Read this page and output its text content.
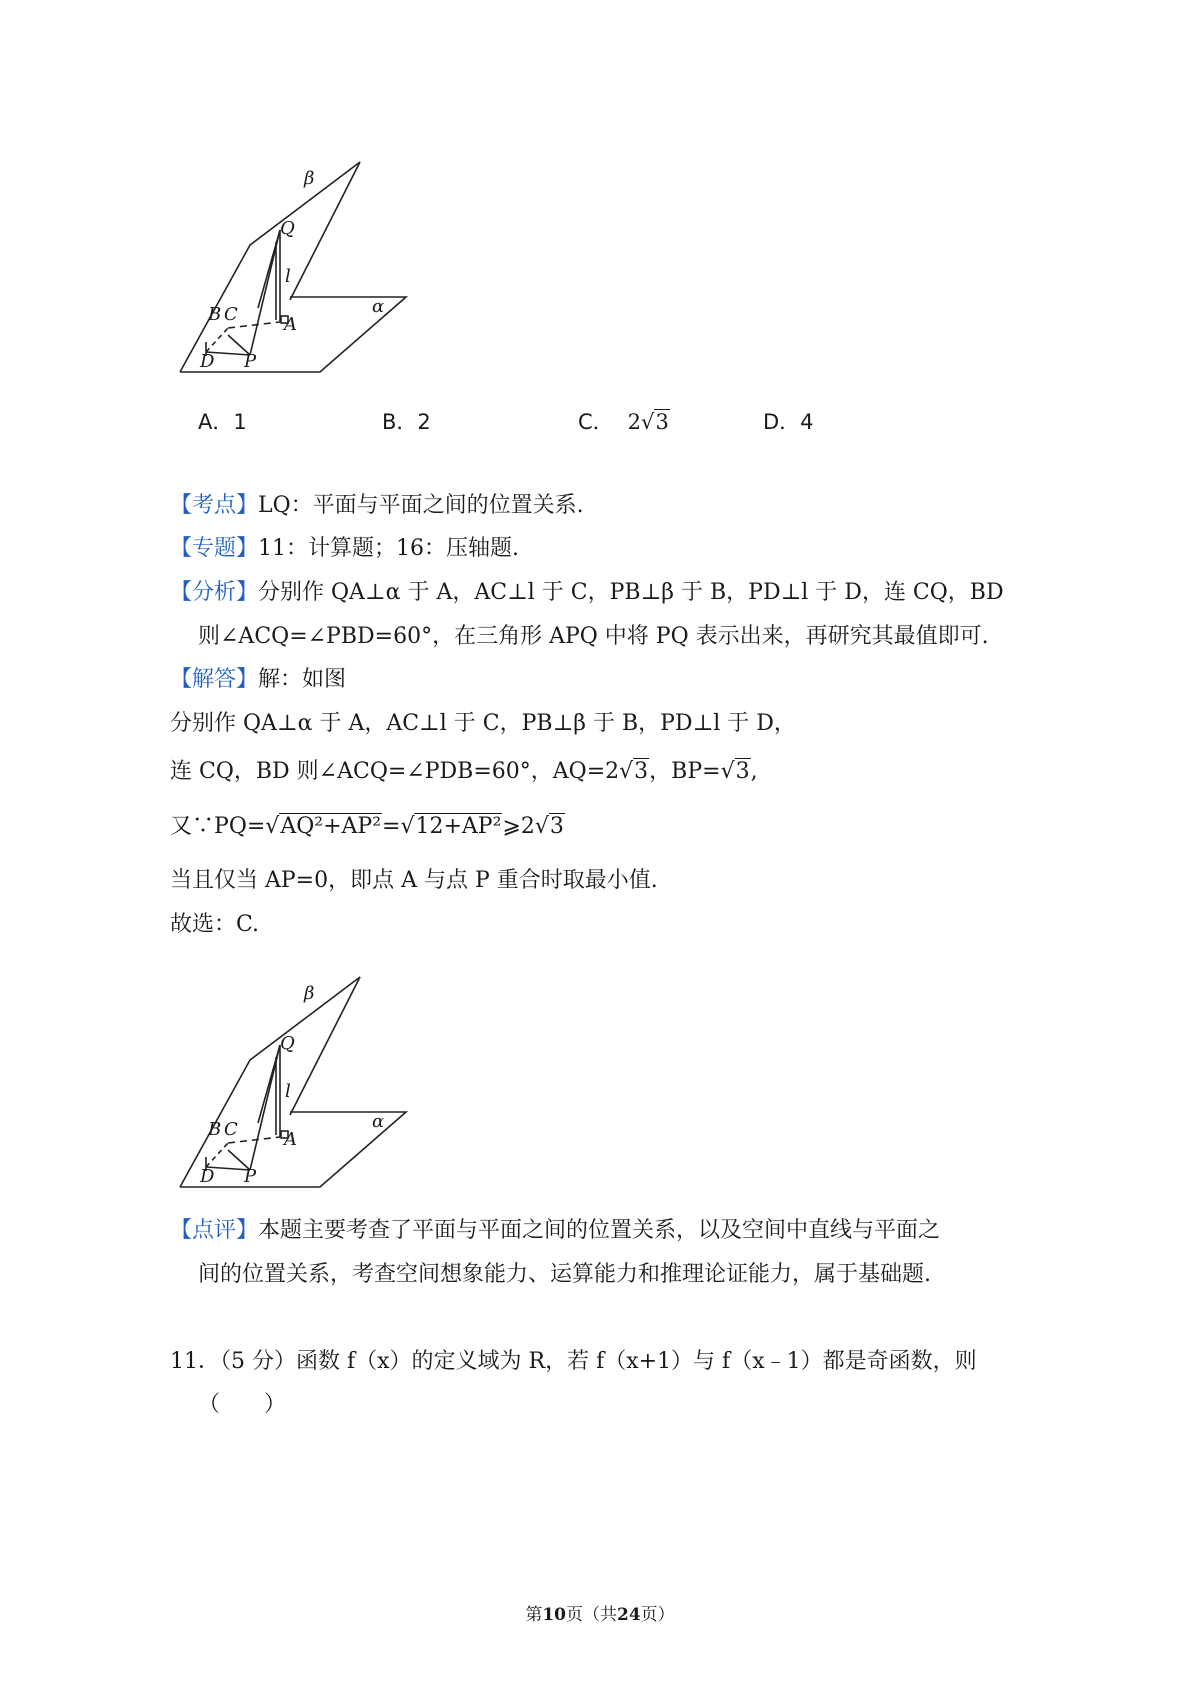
β
Q
l
α
B C	A
D P
A．1	B．2	C． 2√3	D．4
【考点】LQ：平面与平面之间的位置关系.
【专题】11：计算题；16：压轴题.
【分析】分别作 QA⊥α 于 A，AC⊥l 于 C，PB⊥β 于 B，PD⊥l 于 D，连 CQ，BD
则∠ACQ=∠PBD=60°，在三角形 APQ 中将 PQ 表示出来，再研究其最值即可.
【解答】解：如图
分别作 QA⊥α 于 A，AC⊥l 于 C，PB⊥β 于 B，PD⊥l 于 D，
连 CQ，BD 则∠ACQ=∠PDB=60°，AQ=2√3，BP=√3,
又∵PQ=√AQ²+AP²=√12+AP²⩾2√3
当且仅当 AP=0，即点 A 与点 P 重合时取最小值.
故选：C.
β
Q
l
α
B C	A
D P
【点评】本题主要考查了平面与平面之间的位置关系，以及空间中直线与平面之
间的位置关系，考查空间想象能力、运算能力和推理论证能力，属于基础题.
11．（5 分）函数 f（x）的定义域为 R，若 f（x+1）与 f（x﹣1）都是奇函数，则
（　　）
第10页（共24页）
